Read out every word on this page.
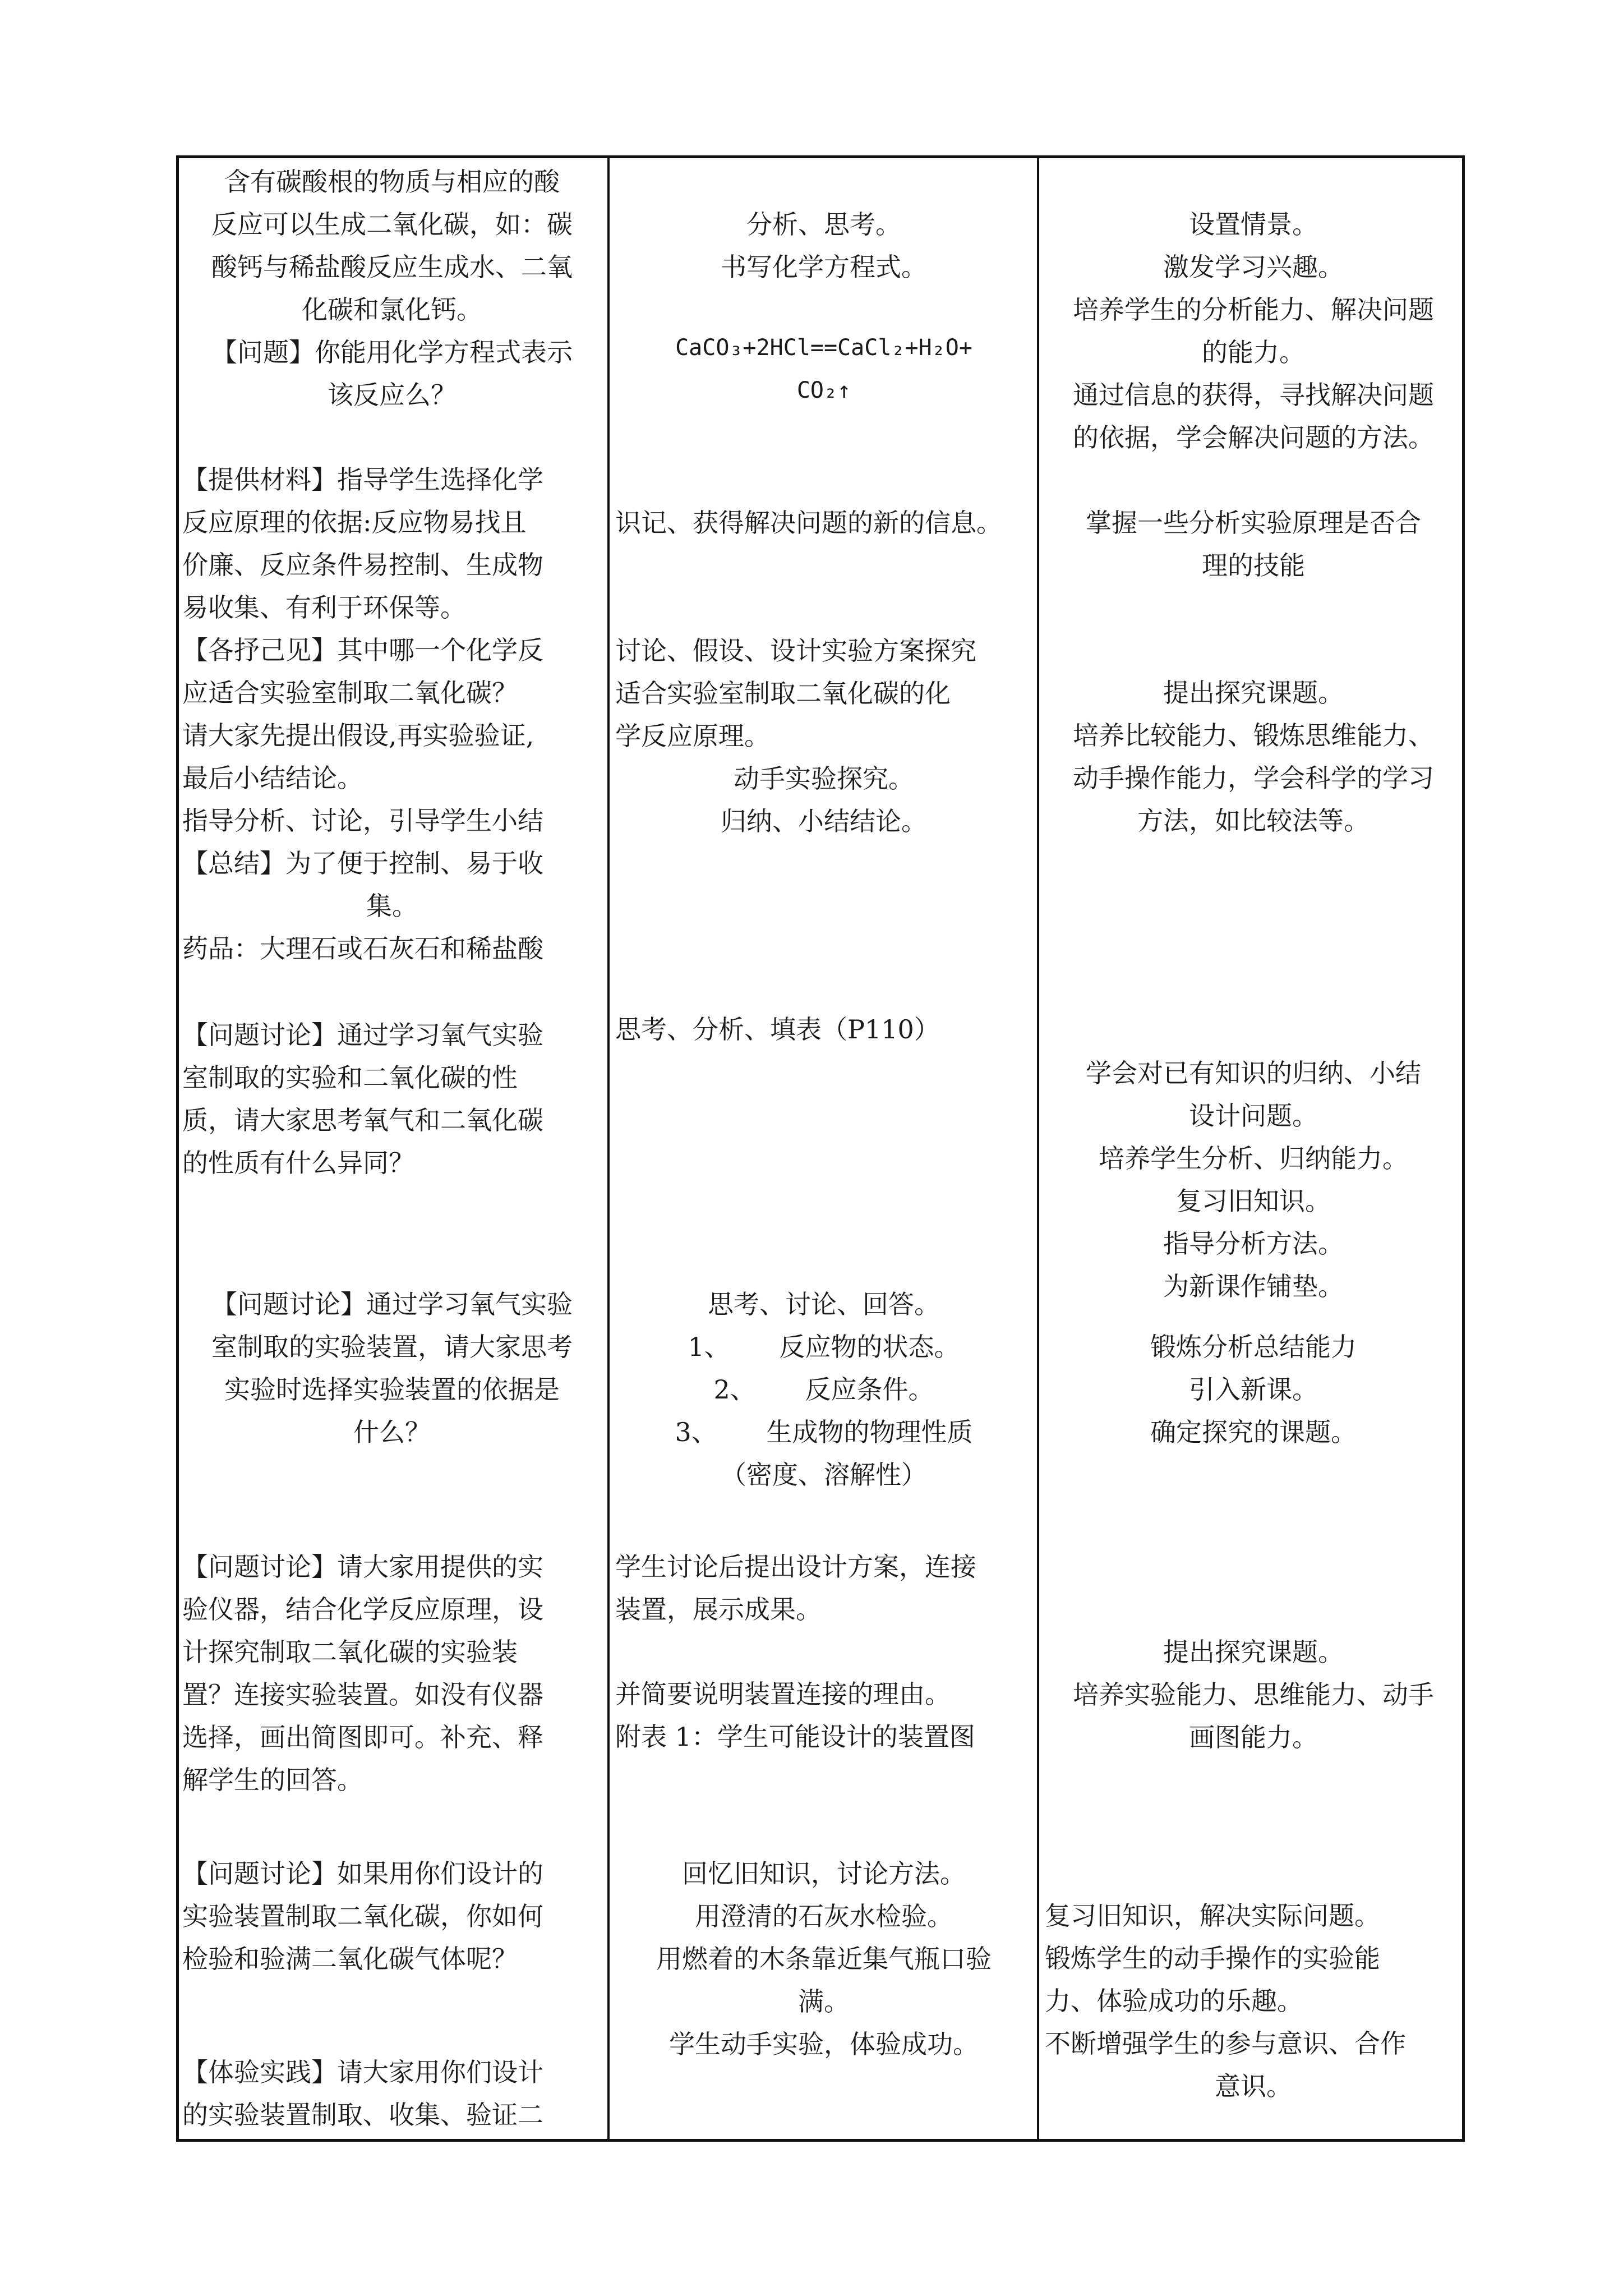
含有碳酸根的物质与相应的酸
反应可以生成二氧化碳，如：碳
酸钙与稀盐酸反应生成水、二氧
化碳和氯化钙。
【问题】你能用化学方程式表示
该反应么？
【提供材料】指导学生选择化学
反应原理的依据:反应物易找且
价廉、反应条件易控制、生成物
易收集、有利于环保等。
【各抒己见】其中哪一个化学反
应适合实验室制取二氧化碳？
请大家先提出假设,再实验验证,
最后小结结论。
指导分析、讨论，引导学生小结
【总结】为了便于控制、易于收
集。
药品：大理石或石灰石和稀盐酸
【问题讨论】通过学习氧气实验
室制取的实验和二氧化碳的性
质，请大家思考氧气和二氧化碳
的性质有什么异同？
【问题讨论】通过学习氧气实验
室制取的实验装置，请大家思考
实验时选择实验装置的依据是
什么？
【问题讨论】请大家用提供的实
验仪器，结合化学反应原理，设
计探究制取二氧化碳的实验装
置？连接实验装置。如没有仪器
选择，画出简图即可。补充、释
解学生的回答。
【问题讨论】如果用你们设计的
实验装置制取二氧化碳，你如何
检验和验满二氧化碳气体呢？
【体验实践】请大家用你们设计
的实验装置制取、收集、验证二
分析、思考。
书写化学方程式。
CaCO₃+2HCl==CaCl₂+H₂O+
CO₂↑
识记、获得解决问题的新的信息。
讨论、假设、设计实验方案探究
适合实验室制取二氧化碳的化
学反应原理。
动手实验探究。
归纳、小结结论。
思考、分析、填表（P110）
思考、讨论、回答。
1、      反应物的状态。
2、      反应条件。
3、      生成物的物理性质
（密度、溶解性）
学生讨论后提出设计方案，连接
装置，展示成果。
并简要说明装置连接的理由。
附表 1：学生可能设计的装置图
回忆旧知识，讨论方法。
用澄清的石灰水检验。
用燃着的木条靠近集气瓶口验
满。
学生动手实验，体验成功。
设置情景。
激发学习兴趣。
培养学生的分析能力、解决问题
的能力。
通过信息的获得，寻找解决问题
的依据，学会解决问题的方法。
掌握一些分析实验原理是否合
理的技能
提出探究课题。
培养比较能力、锻炼思维能力、
动手操作能力，学会科学的学习
方法，如比较法等。
学会对已有知识的归纳、小结
设计问题。
培养学生分析、归纳能力。
复习旧知识。
指导分析方法。
为新课作铺垫。
锻炼分析总结能力
引入新课。
确定探究的课题。
提出探究课题。
培养实验能力、思维能力、动手
画图能力。
复习旧知识，解决实际问题。
锻炼学生的动手操作的实验能
力、体验成功的乐趣。
不断增强学生的参与意识、合作
意识。
